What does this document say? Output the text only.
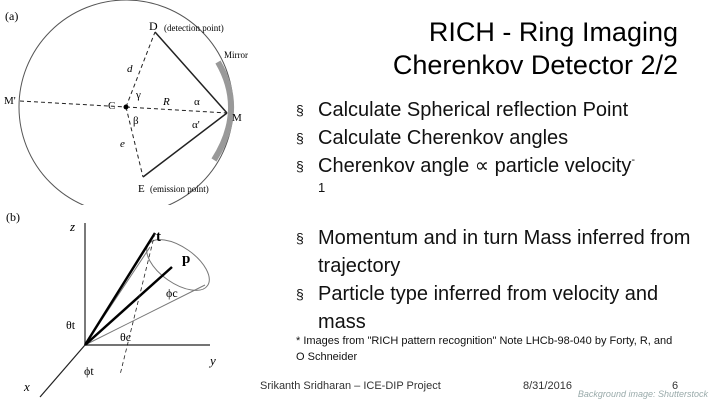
(a)
D (detection point)
Mirror
M'
M
C
E (emission point)
d
e
R
γ
β
α
α'
(b)
z
y
x
t
p
θt
θc
ϕc
ϕt
RICH - Ring Imaging
Cherenkov Detector 2/2
§ Calculate Spherical reflection Point
§ Calculate Cherenkov angles
§ Cherenkov angle ∝ particle velocity-
1
§ Momentum and in turn Mass inferred from trajectory
§ Particle type inferred from velocity and mass
* Images from "RICH pattern recognition" Note LHCb-98-040 by Forty, R, and O Schneider
Srikanth Sridharan – ICE-DIP Project	8/31/2016	6
Background image: Shutterstock
